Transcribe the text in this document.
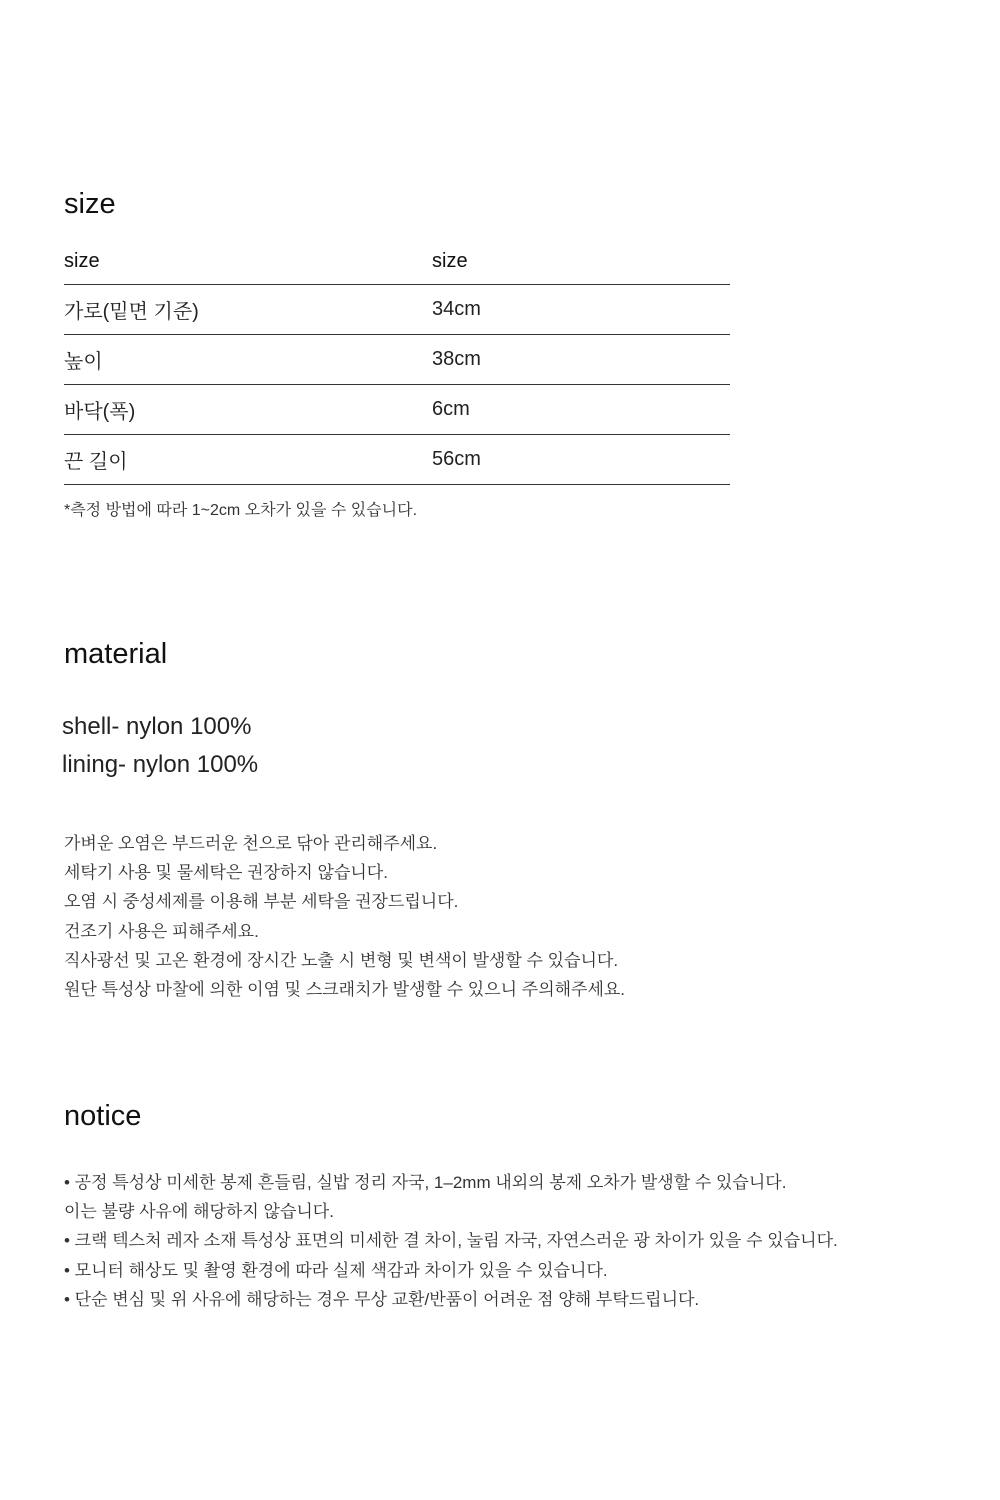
size
size	size
가로(밑면 기준)	34cm
높이	38cm
바닥(폭)	6cm
끈 길이	56cm

*측정 방법에 따라 1~2cm 오차가 있을 수 있습니다.

material

shell- nylon 100%
lining- nylon 100%

가벼운 오염은 부드러운 천으로 닦아 관리해주세요.
세탁기 사용 및 물세탁은 권장하지 않습니다.
오염 시 중성세제를 이용해 부분 세탁을 권장드립니다.
건조기 사용은 피해주세요.
직사광선 및 고온 환경에 장시간 노출 시 변형 및 변색이 발생할 수 있습니다.
원단 특성상 마찰에 의한 이염 및 스크래치가 발생할 수 있으니 주의해주세요.

notice

• 공정 특성상 미세한 봉제 흔들림, 실밥 정리 자국, 1–2mm 내외의 봉제 오차가 발생할 수 있습니다.
이는 불량 사유에 해당하지 않습니다.
• 크랙 텍스처 레자 소재 특성상 표면의 미세한 결 차이, 눌림 자국, 자연스러운 광 차이가 있을 수 있습니다.
• 모니터 해상도 및 촬영 환경에 따라 실제 색감과 차이가 있을 수 있습니다.
• 단순 변심 및 위 사유에 해당하는 경우 무상 교환/반품이 어려운 점 양해 부탁드립니다.
